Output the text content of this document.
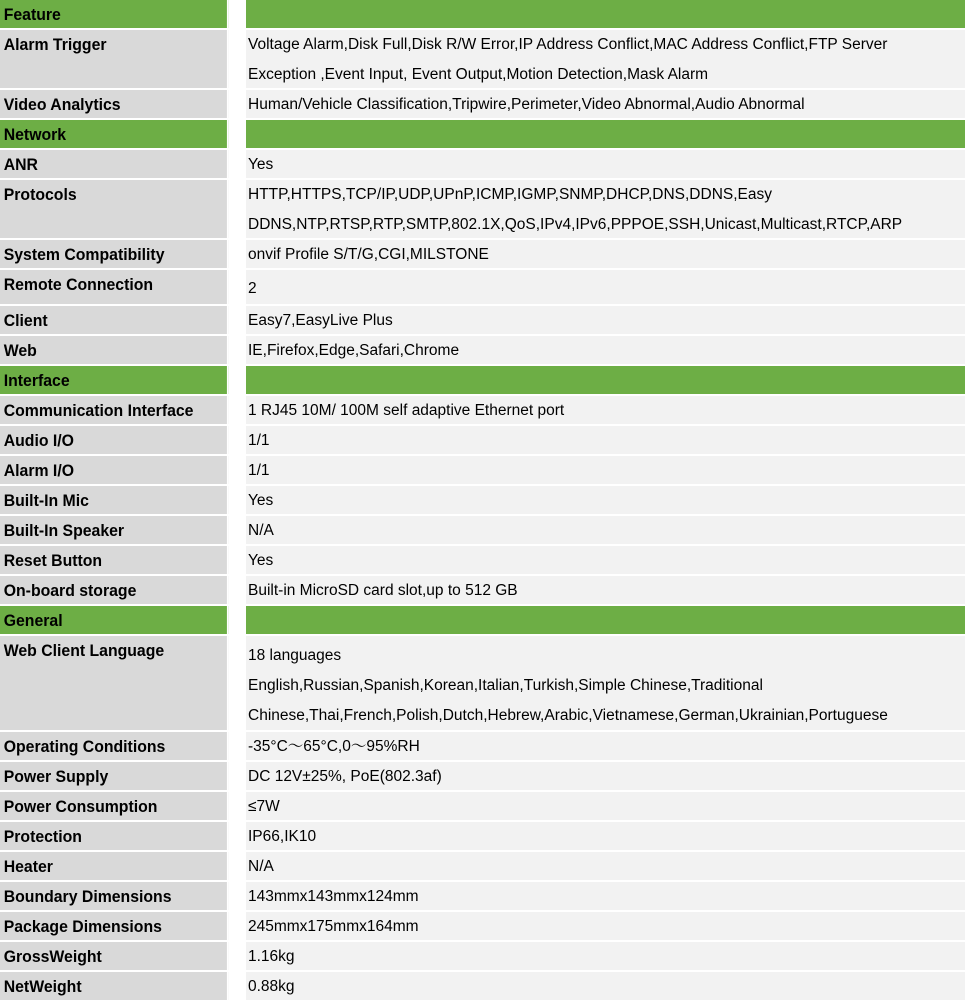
Feature
Alarm Trigger	Voltage Alarm,Disk Full,Disk R/W Error,IP Address Conflict,MAC Address Conflict,FTP Server
Exception ,Event Input, Event Output,Motion Detection,Mask Alarm
Video Analytics	Human/Vehicle Classification,Tripwire,Perimeter,Video Abnormal,Audio Abnormal
Network
ANR	Yes
Protocols	HTTP,HTTPS,TCP/IP,UDP,UPnP,ICMP,IGMP,SNMP,DHCP,DNS,DDNS,Easy
DDNS,NTP,RTSP,RTP,SMTP,802.1X,QoS,IPv4,IPv6,PPPOE,SSH,Unicast,Multicast,RTCP,ARP
System Compatibility	onvif Profile S/T/G,CGI,MILSTONE
Remote Connection	2
Client	Easy7,EasyLive Plus
Web	IE,Firefox,Edge,Safari,Chrome
Interface
Communication Interface	1 RJ45 10M/ 100M self adaptive Ethernet port
Audio I/O	1/1
Alarm I/O	1/1
Built-In Mic	Yes
Built-In Speaker	N/A
Reset Button	Yes
On-board storage	Built-in MicroSD card slot,up to 512 GB
General
Web Client Language	18 languages
English,Russian,Spanish,Korean,Italian,Turkish,Simple Chinese,Traditional
Chinese,Thai,French,Polish,Dutch,Hebrew,Arabic,Vietnamese,German,Ukrainian,Portuguese
Operating Conditions	-35°C～65°C,0～95%RH
Power Supply	DC 12V±25%, PoE(802.3af)
Power Consumption	≤7W
Protection	IP66,IK10
Heater	N/A
Boundary Dimensions	143mmx143mmx124mm
Package Dimensions	245mmx175mmx164mm
GrossWeight	1.16kg
NetWeight	0.88kg
